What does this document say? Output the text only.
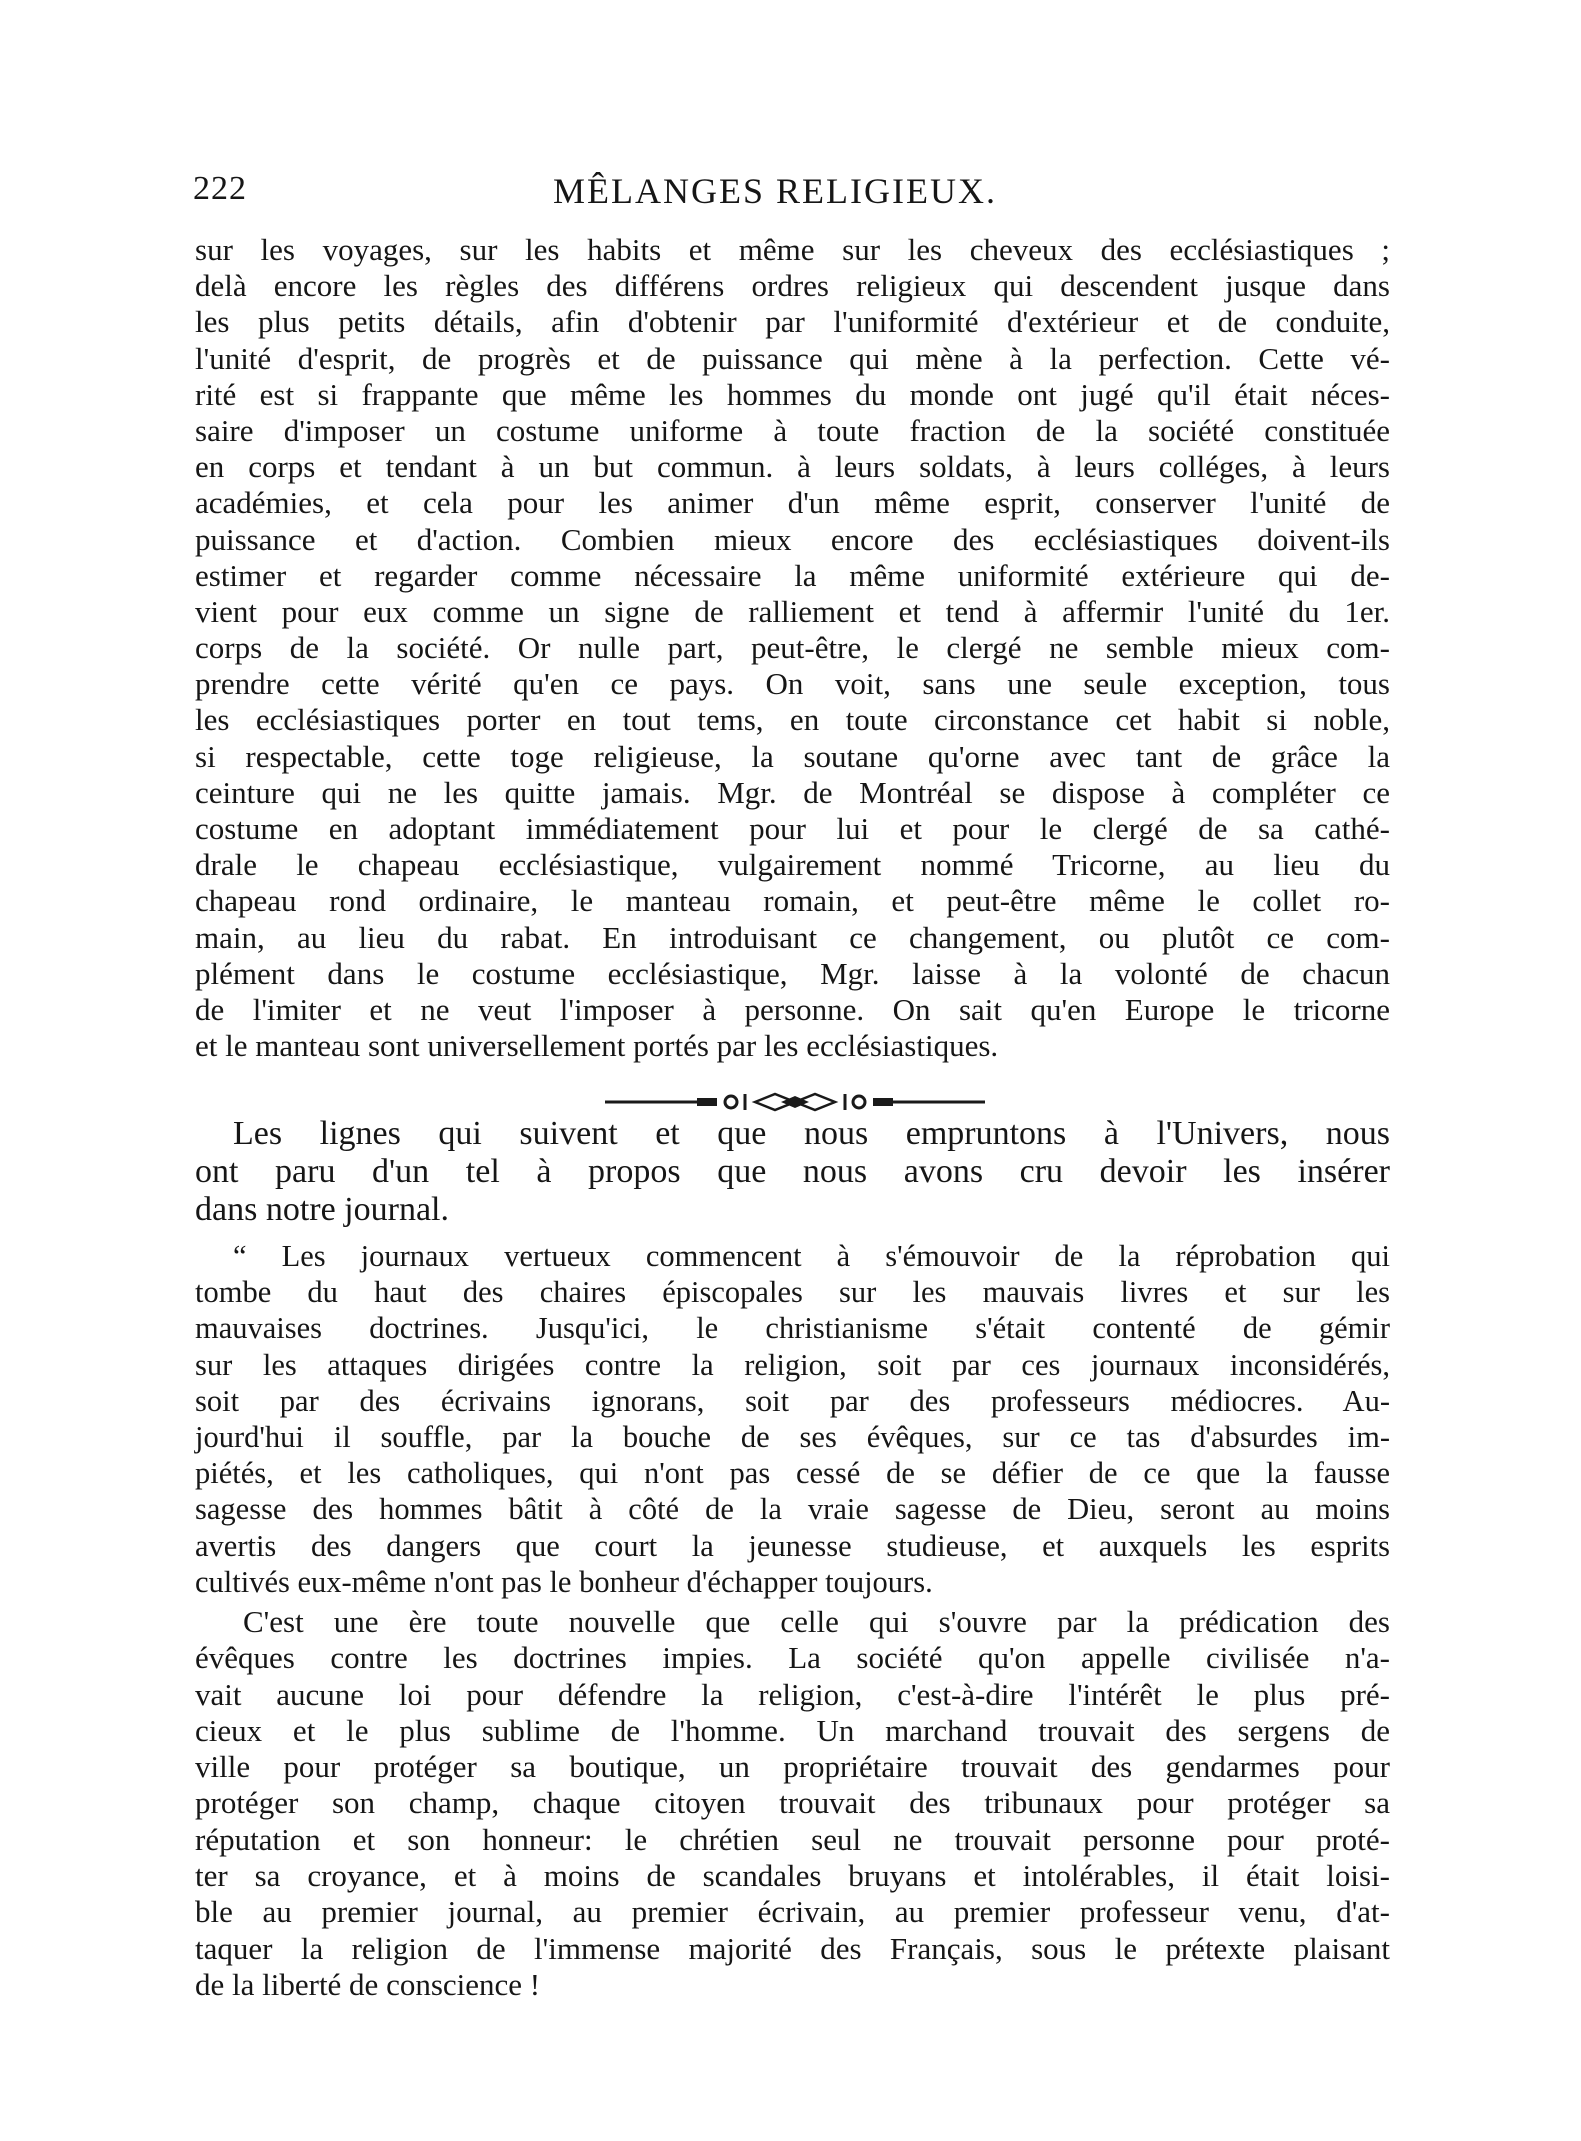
222	MÊLANGES RELIGIEUX.
sur les voyages, sur les habits et même sur les cheveux des ecclésiastiques ;
delà encore les règles des différens ordres religieux qui descendent jusque dans
les plus petits détails, afin d'obtenir par l'uniformité d'extérieur et de conduite,
l'unité d'esprit, de progrès et de puissance qui mène à la perfection. Cette vé-
rité est si frappante que même les hommes du monde ont jugé qu'il était néces-
saire d'imposer un costume uniforme à toute fraction de la société constituée
en corps et tendant à un but commun. à leurs soldats, à leurs colléges, à leurs
académies, et cela pour les animer d'un même esprit, conserver l'unité de
puissance et d'action. Combien mieux encore des ecclésiastiques doivent-ils
estimer et regarder comme nécessaire la même uniformité extérieure qui de-
vient pour eux comme un signe de ralliement et tend à affermir l'unité du 1er.
corps de la société. Or nulle part, peut-être, le clergé ne semble mieux com-
prendre cette vérité qu'en ce pays. On voit, sans une seule exception, tous
les ecclésiastiques porter en tout tems, en toute circonstance cet habit si noble,
si respectable, cette toge religieuse, la soutane qu'orne avec tant de grâce la
ceinture qui ne les quitte jamais. Mgr. de Montréal se dispose à compléter ce
costume en adoptant immédiatement pour lui et pour le clergé de sa cathé-
drale le chapeau ecclésiastique, vulgairement nommé Tricorne, au lieu du
chapeau rond ordinaire, le manteau romain, et peut-être même le collet ro-
main, au lieu du rabat. En introduisant ce changement, ou plutôt ce com-
plément dans le costume ecclésiastique, Mgr. laisse à la volonté de chacun
de l'imiter et ne veut l'imposer à personne. On sait qu'en Europe le tricorne
et le manteau sont universellement portés par les ecclésiastiques.
Les lignes qui suivent et que nous empruntons à l'Univers, nous
ont paru d'un tel à propos que nous avons cru devoir les insérer
dans notre journal.
“ Les journaux vertueux commencent à s'émouvoir de la réprobation qui
tombe du haut des chaires épiscopales sur les mauvais livres et sur les
mauvaises doctrines. Jusqu'ici, le christianisme s'était contenté de gémir
sur les attaques dirigées contre la religion, soit par ces journaux inconsidérés,
soit par des écrivains ignorans, soit par des professeurs médiocres. Au-
jourd'hui il souffle, par la bouche de ses évêques, sur ce tas d'absurdes im-
piétés, et les catholiques, qui n'ont pas cessé de se défier de ce que la fausse
sagesse des hommes bâtit à côté de la vraie sagesse de Dieu, seront au moins
avertis des dangers que court la jeunesse studieuse, et auxquels les esprits
cultivés eux-même n'ont pas le bonheur d'échapper toujours.
C'est une ère toute nouvelle que celle qui s'ouvre par la prédication des
évêques contre les doctrines impies. La société qu'on appelle civilisée n'a-
vait aucune loi pour défendre la religion, c'est-à-dire l'intérêt le plus pré-
cieux et le plus sublime de l'homme. Un marchand trouvait des sergens de
ville pour protéger sa boutique, un propriétaire trouvait des gendarmes pour
protéger son champ, chaque citoyen trouvait des tribunaux pour protéger sa
réputation et son honneur: le chrétien seul ne trouvait personne pour proté-
ter sa croyance, et à moins de scandales bruyans et intolérables, il était loisi-
ble au premier journal, au premier écrivain, au premier professeur venu, d'at-
taquer la religion de l'immense majorité des Français, sous le prétexte plaisant
de la liberté de conscience !
